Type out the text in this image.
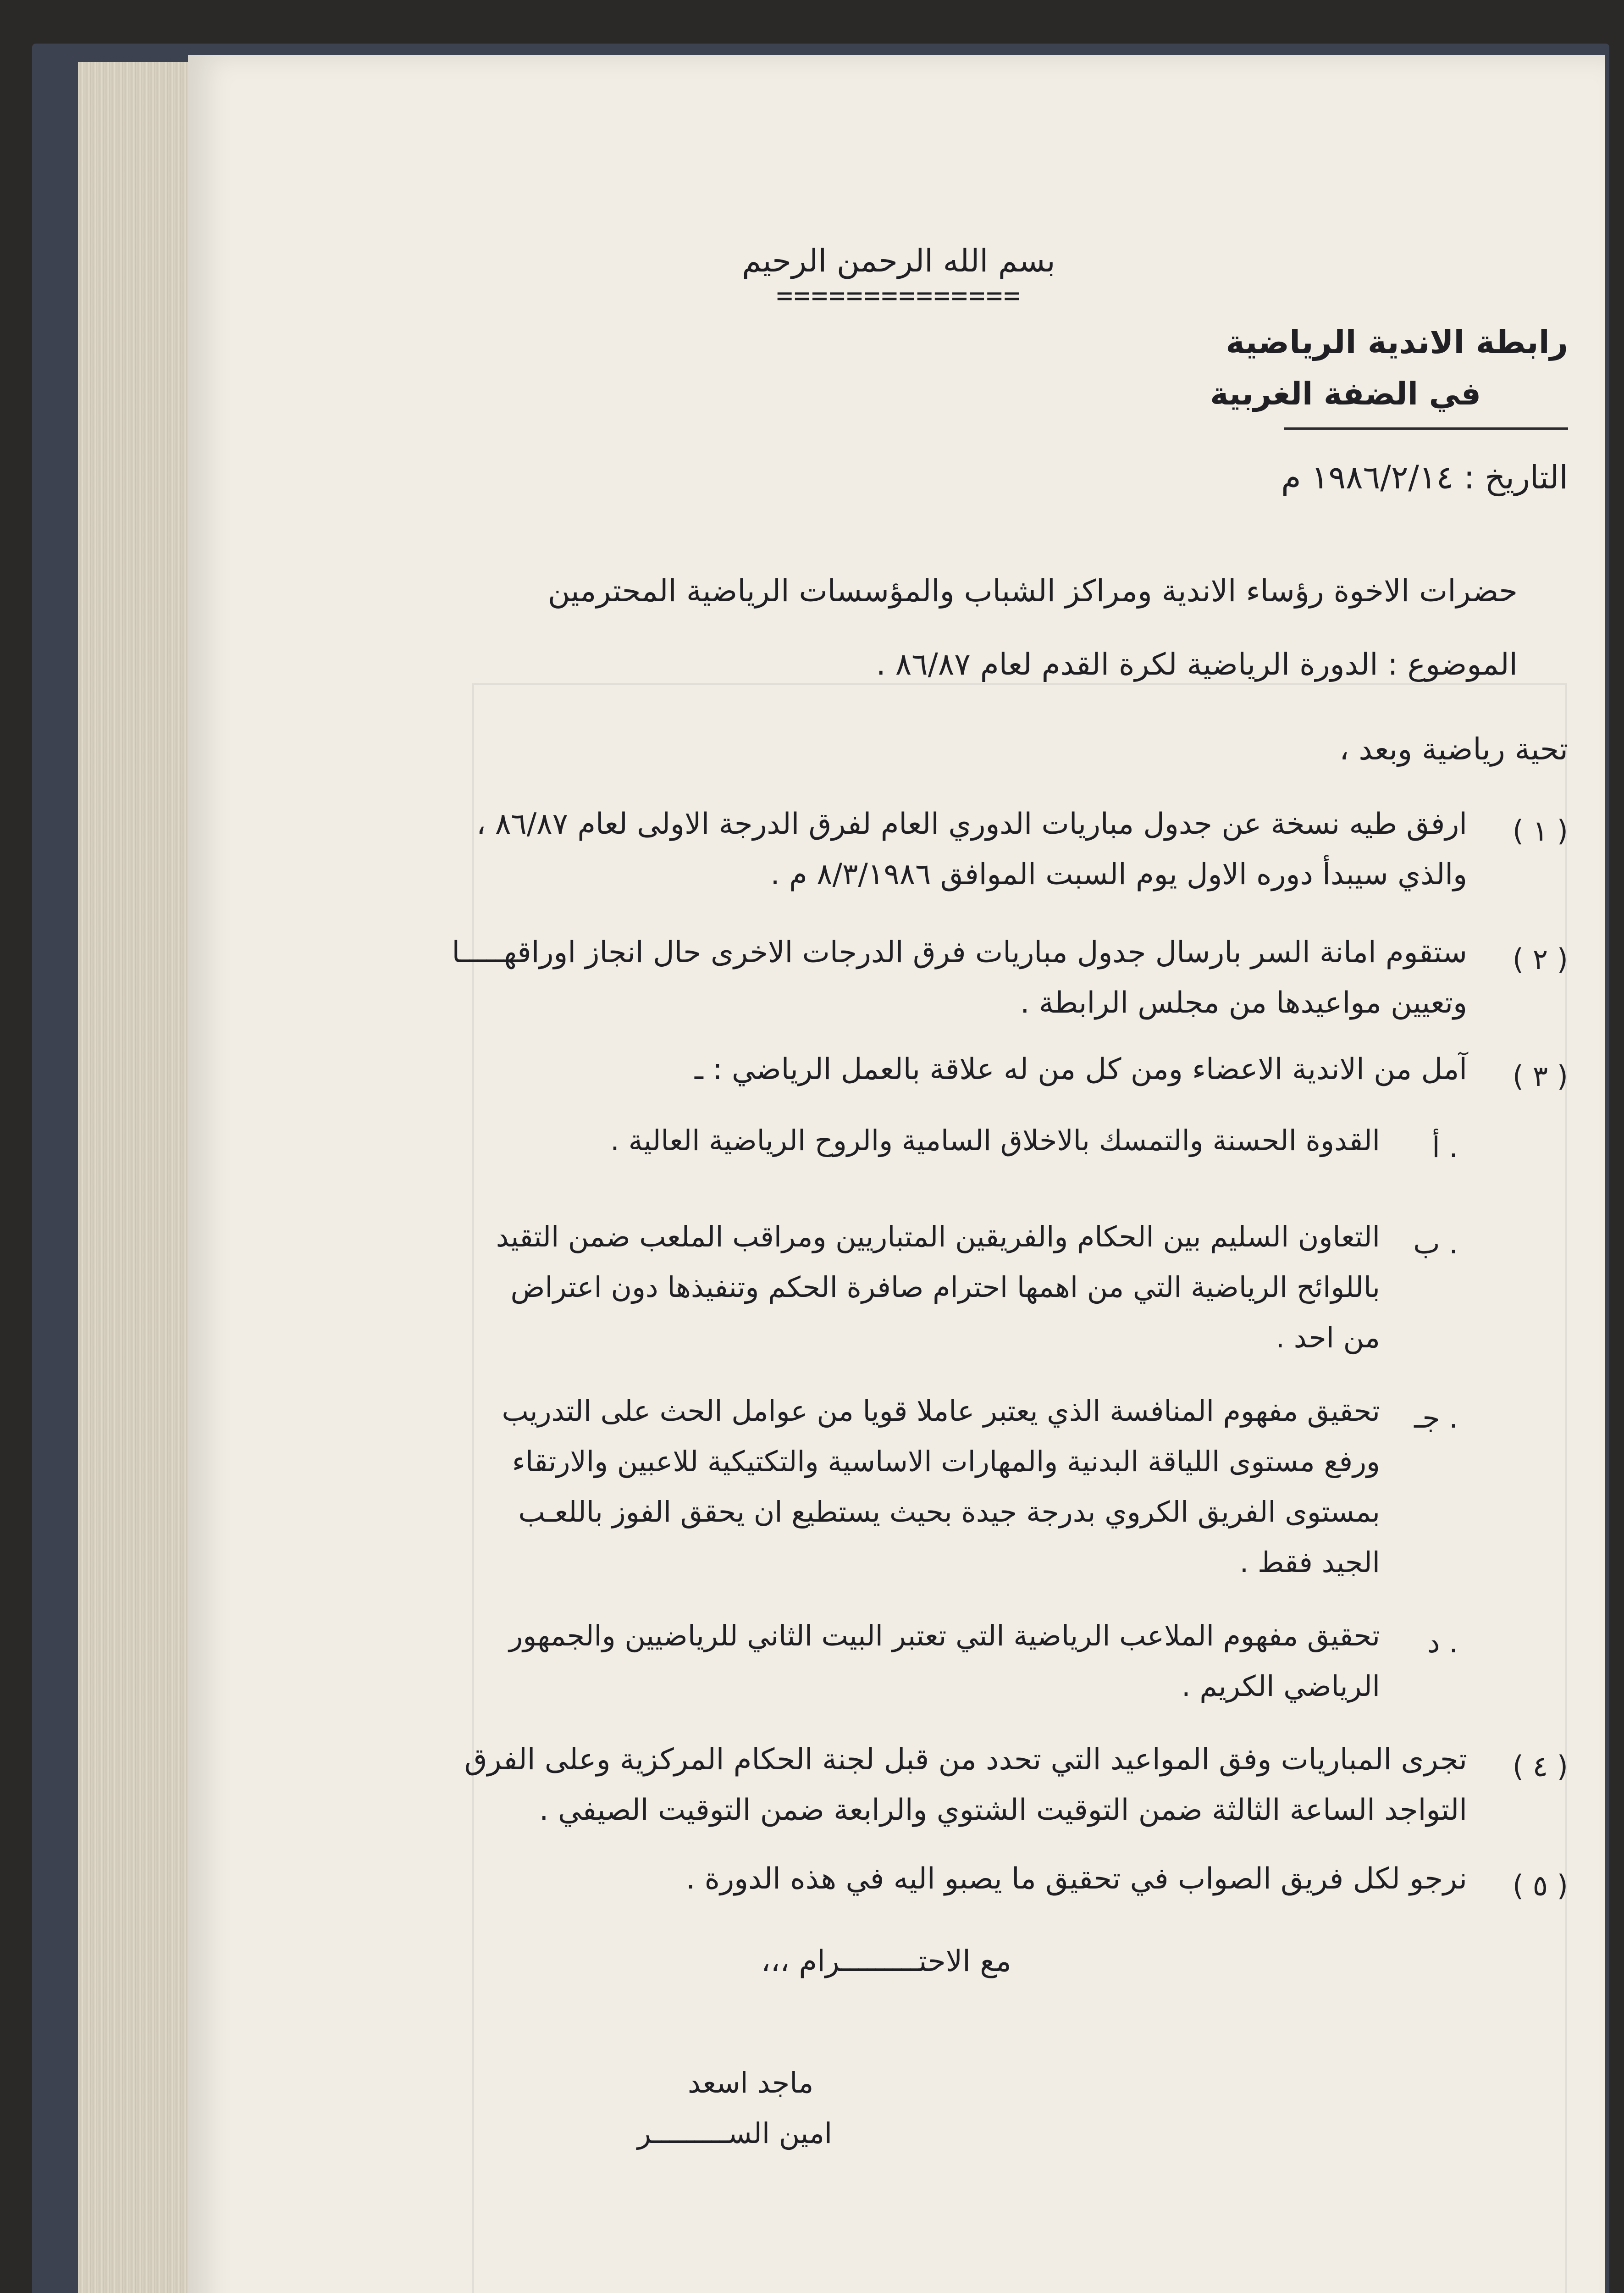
بسم الله الرحمن الرحيم
==============
رابطة الاندية الرياضية
في الضفة الغربية
التاريخ : ١٩٨٦/٢/١٤ م
حضرات الاخوة رؤساء الاندية ومراكز الشباب والمؤسسات الرياضية المحترمين
الموضوع : الدورة الرياضية لكرة القدم لعام ٨٦/٨٧ .
تحية رياضية وبعد ،
( ١ )
ارفق طيه نسخة عن جدول مباريات الدوري العام لفرق الدرجة الاولى لعام ٨٦/٨٧ ،
والذي سيبدأ دوره الاول يوم السبت الموافق ٨/٣/١٩٨٦ م .
( ٢ )
ستقوم امانة السر بارسال جدول مباريات فرق الدرجات الاخرى حال انجاز اوراقهـــــا
وتعيين مواعيدها من مجلس الرابطة .
( ٣ )
آمل من الاندية الاعضاء ومن كل من له علاقة بالعمل الرياضي : ـ
أ .
القدوة الحسنة والتمسك بالاخلاق السامية والروح الرياضية العالية .
ب .
التعاون السليم بين الحكام والفريقين المتباريين ومراقب الملعب ضمن التقيد
باللوائح الرياضية التي من اهمها احترام صافرة الحكم وتنفيذها دون اعتراض
من احد .
جـ .
تحقيق مفهوم المنافسة الذي يعتبر عاملا قويا من عوامل الحث على التدريب
ورفع مستوى اللياقة البدنية والمهارات الاساسية والتكتيكية للاعبين والارتقاء
بمستوى الفريق الكروي بدرجة جيدة بحيث يستطيع ان يحقق الفوز باللعـب
الجيد فقط .
د .
تحقيق مفهوم الملاعب الرياضية التي تعتبر البيت الثاني للرياضيين والجمهور
الرياضي الكريم .
( ٤ )
تجرى المباريات وفق المواعيد التي تحدد من قبل لجنة الحكام المركزية وعلى الفرق
التواجد الساعة الثالثة ضمن التوقيت الشتوي والرابعة ضمن التوقيت الصيفي .
( ٥ )
نرجو لكل فريق الصواب في تحقيق ما يصبو اليه في هذه الدورة .
مع الاحتـــــــــرام ،،،
ماجد اسعد
امين الســـــــــر
